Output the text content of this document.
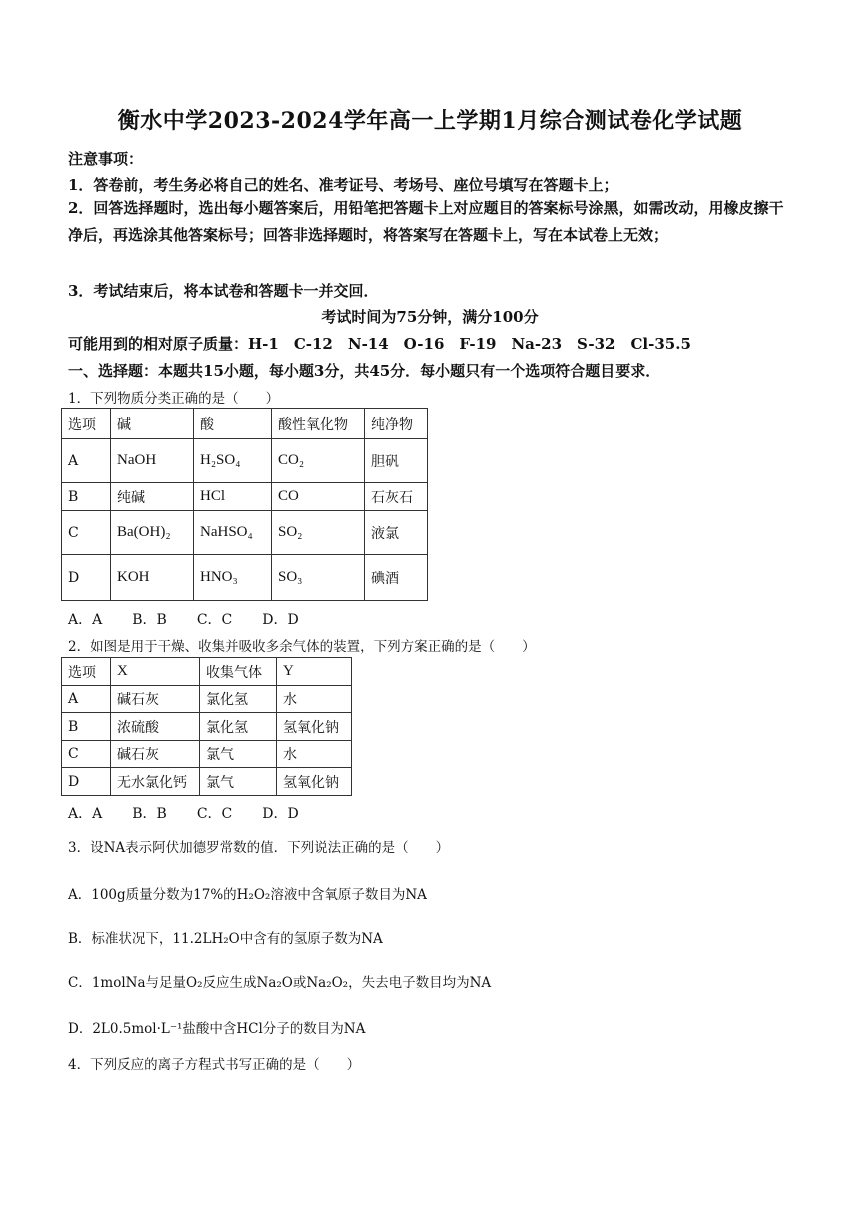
衡水中学2023-2024学年高一上学期1月综合测试卷化学试题
注意事项：
1．答卷前，考生务必将自己的姓名、准考证号、考场号、座位号填写在答题卡上；
2．回答选择题时，选出每小题答案后，用铅笔把答题卡上对应题目的答案标号涂黑，如需改动，用橡皮擦干净后，再选涂其他答案标号；回答非选择题时，将答案写在答题卡上，写在本试卷上无效；
3．考试结束后，将本试卷和答题卡一并交回．
考试时间为75分钟，满分100分
可能用到的相对原子质量：H-1　C-12　N-14　O-16　F-19　Na-23　S-32　Cl-35.5
一、选择题：本题共15小题，每小题3分，共45分．每小题只有一个选项符合题目要求．
1．下列物质分类正确的是（　　）
选项	碱	酸	酸性氧化物	纯净物
A	NaOH	H₂SO₄	CO₂	胆矾
B	纯碱	HCl	CO	石灰石
C	Ba(OH)₂	NaHSO₄	SO₂	液氯
D	KOH	HNO₃	SO₃	碘酒
A．A B．B C．C D．D
2．如图是用于干燥、收集并吸收多余气体的装置，下列方案正确的是（　　）
选项	X	收集气体	Y
A	碱石灰	氯化氢	水
B	浓硫酸	氯化氢	氢氧化钠
C	碱石灰	氯气	水
D	无水氯化钙	氯气	氢氧化钠
A．A B．B C．C D．D
3．设NA表示阿伏加德罗常数的值．下列说法正确的是（　　）
A．100g质量分数为17%的H₂O₂溶液中含氧原子数目为NA
B．标准状况下，11.2LH₂O中含有的氢原子数为NA
C．1molNa与足量O₂反应生成Na₂O或Na₂O₂，失去电子数目均为NA
D．2L0.5mol·L⁻¹盐酸中含HCl分子的数目为NA
4．下列反应的离子方程式书写正确的是（　　）
